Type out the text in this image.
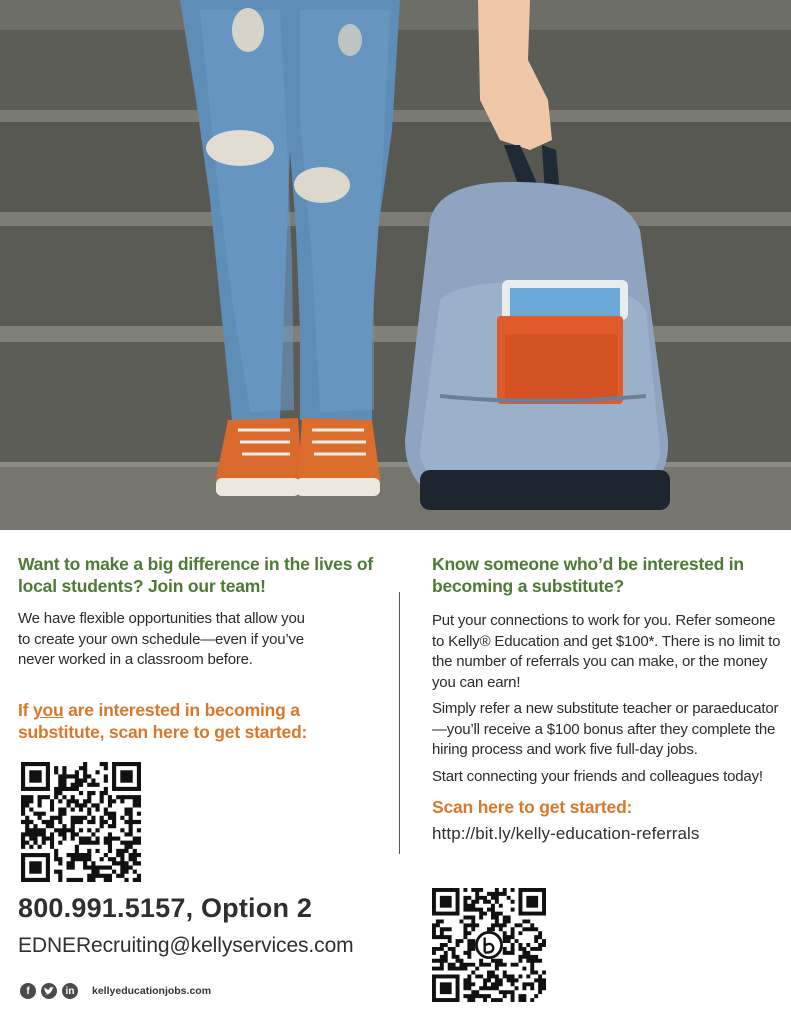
Want to make a big difference in the lives of local students? Join our team!

We have flexible opportunities that allow you to create your own schedule—even if you’ve never worked in a classroom before.

If you are interested in becoming a substitute, scan here to get started:

800.991.5157, Option 2
EDNERecruiting@kellyservices.com
f	in	kellyeducationjobs.com
Know someone who’d be interested in becoming a substitute?

Put your connections to work for you. Refer someone to Kelly® Education and get $100*. There is no limit to the number of referrals you can make, or the money you can earn!

Simply refer a new substitute teacher or paraeducator—you’ll receive a $100 bonus after they complete the hiring process and work five full-day jobs.

Start connecting your friends and colleagues today!

Scan here to get started:

http://bit.ly/kelly-education-referrals
